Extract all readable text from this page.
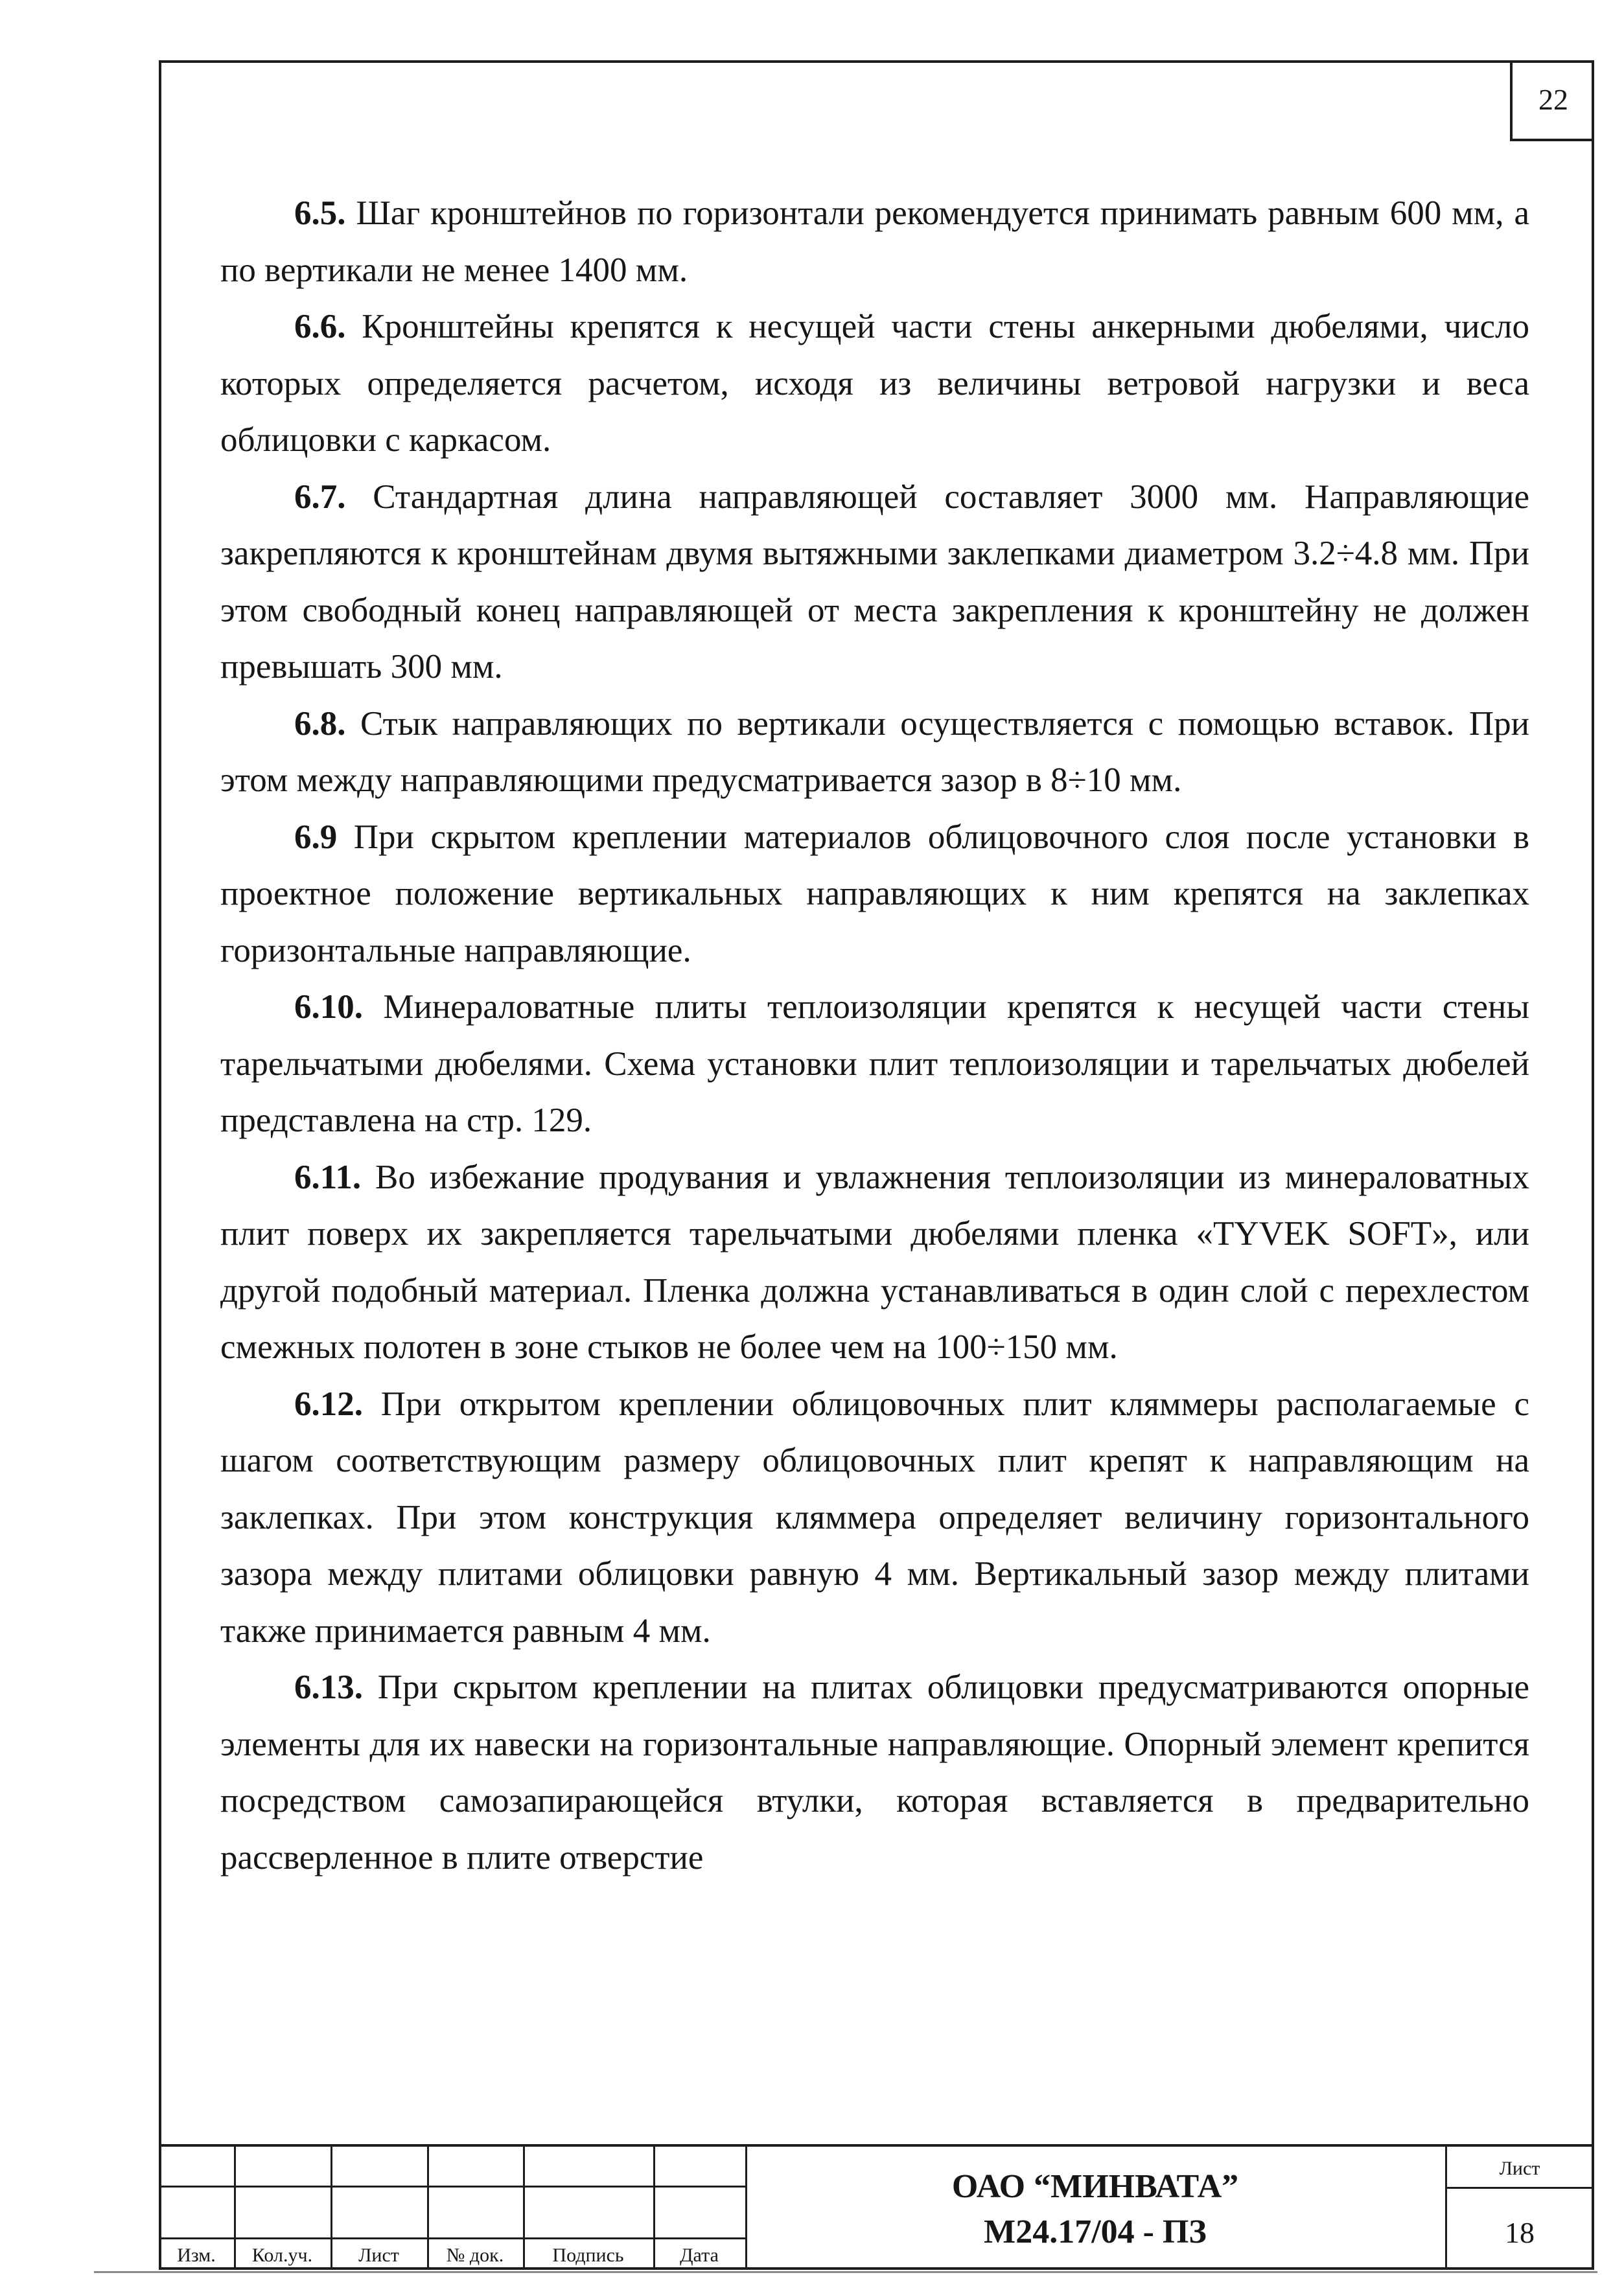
22

6.5. Шаг кронштейнов по горизонтали рекомендуется принимать равным 600 мм, а по вертикали не менее 1400 мм.

6.6. Кронштейны крепятся к несущей части стены анкерными дюбелями, число которых определяется расчетом, исходя из величины ветровой нагрузки и веса облицовки с каркасом.

6.7. Стандартная длина направляющей составляет 3000 мм. Направляющие закрепляются к кронштейнам двумя вытяжными заклепками диаметром 3.2÷4.8 мм. При этом свободный конец направляющей от места закрепления к кронштейну не должен превышать 300 мм.

6.8. Стык направляющих по вертикали осуществляется с помощью вставок. При этом между направляющими предусматривается зазор в 8÷10 мм.

6.9 При скрытом креплении материалов облицовочного слоя после установки в проектное положение вертикальных направляющих к ним крепятся на заклепках горизонтальные направляющие.

6.10. Минераловатные плиты теплоизоляции крепятся к несущей части стены тарельчатыми дюбелями. Схема установки плит теплоизоляции и тарельчатых дюбелей представлена на стр. 129.

6.11. Во избежание продувания и увлажнения теплоизоляции из минераловатных плит поверх их закрепляется тарельчатыми дюбелями пленка «TYVEK SOFT», или другой подобный материал. Пленка должна устанавливаться в один слой с перехлестом смежных полотен в зоне стыков не более чем на 100÷150 мм.

6.12. При открытом креплении облицовочных плит кляммеры располагаемые с шагом соответствующим размеру облицовочных плит крепят к направляющим на заклепках. При этом конструкция кляммера определяет величину горизонтального зазора между плитами облицовки равную 4 мм. Вертикальный зазор между плитами также принимается равным 4 мм.

6.13. При скрытом креплении на плитах облицовки предусматриваются опорные элементы для их навески на горизонтальные направляющие. Опорный элемент крепится посредством самозапирающейся втулки, которая вставляется в предварительно рассверленное в плите отверстие

Изм.	Кол.уч.	Лист	№ док.	Подпись	Дата
ОАО “МИНВАТА”
М24.17/04 - ПЗ
Лист
18
